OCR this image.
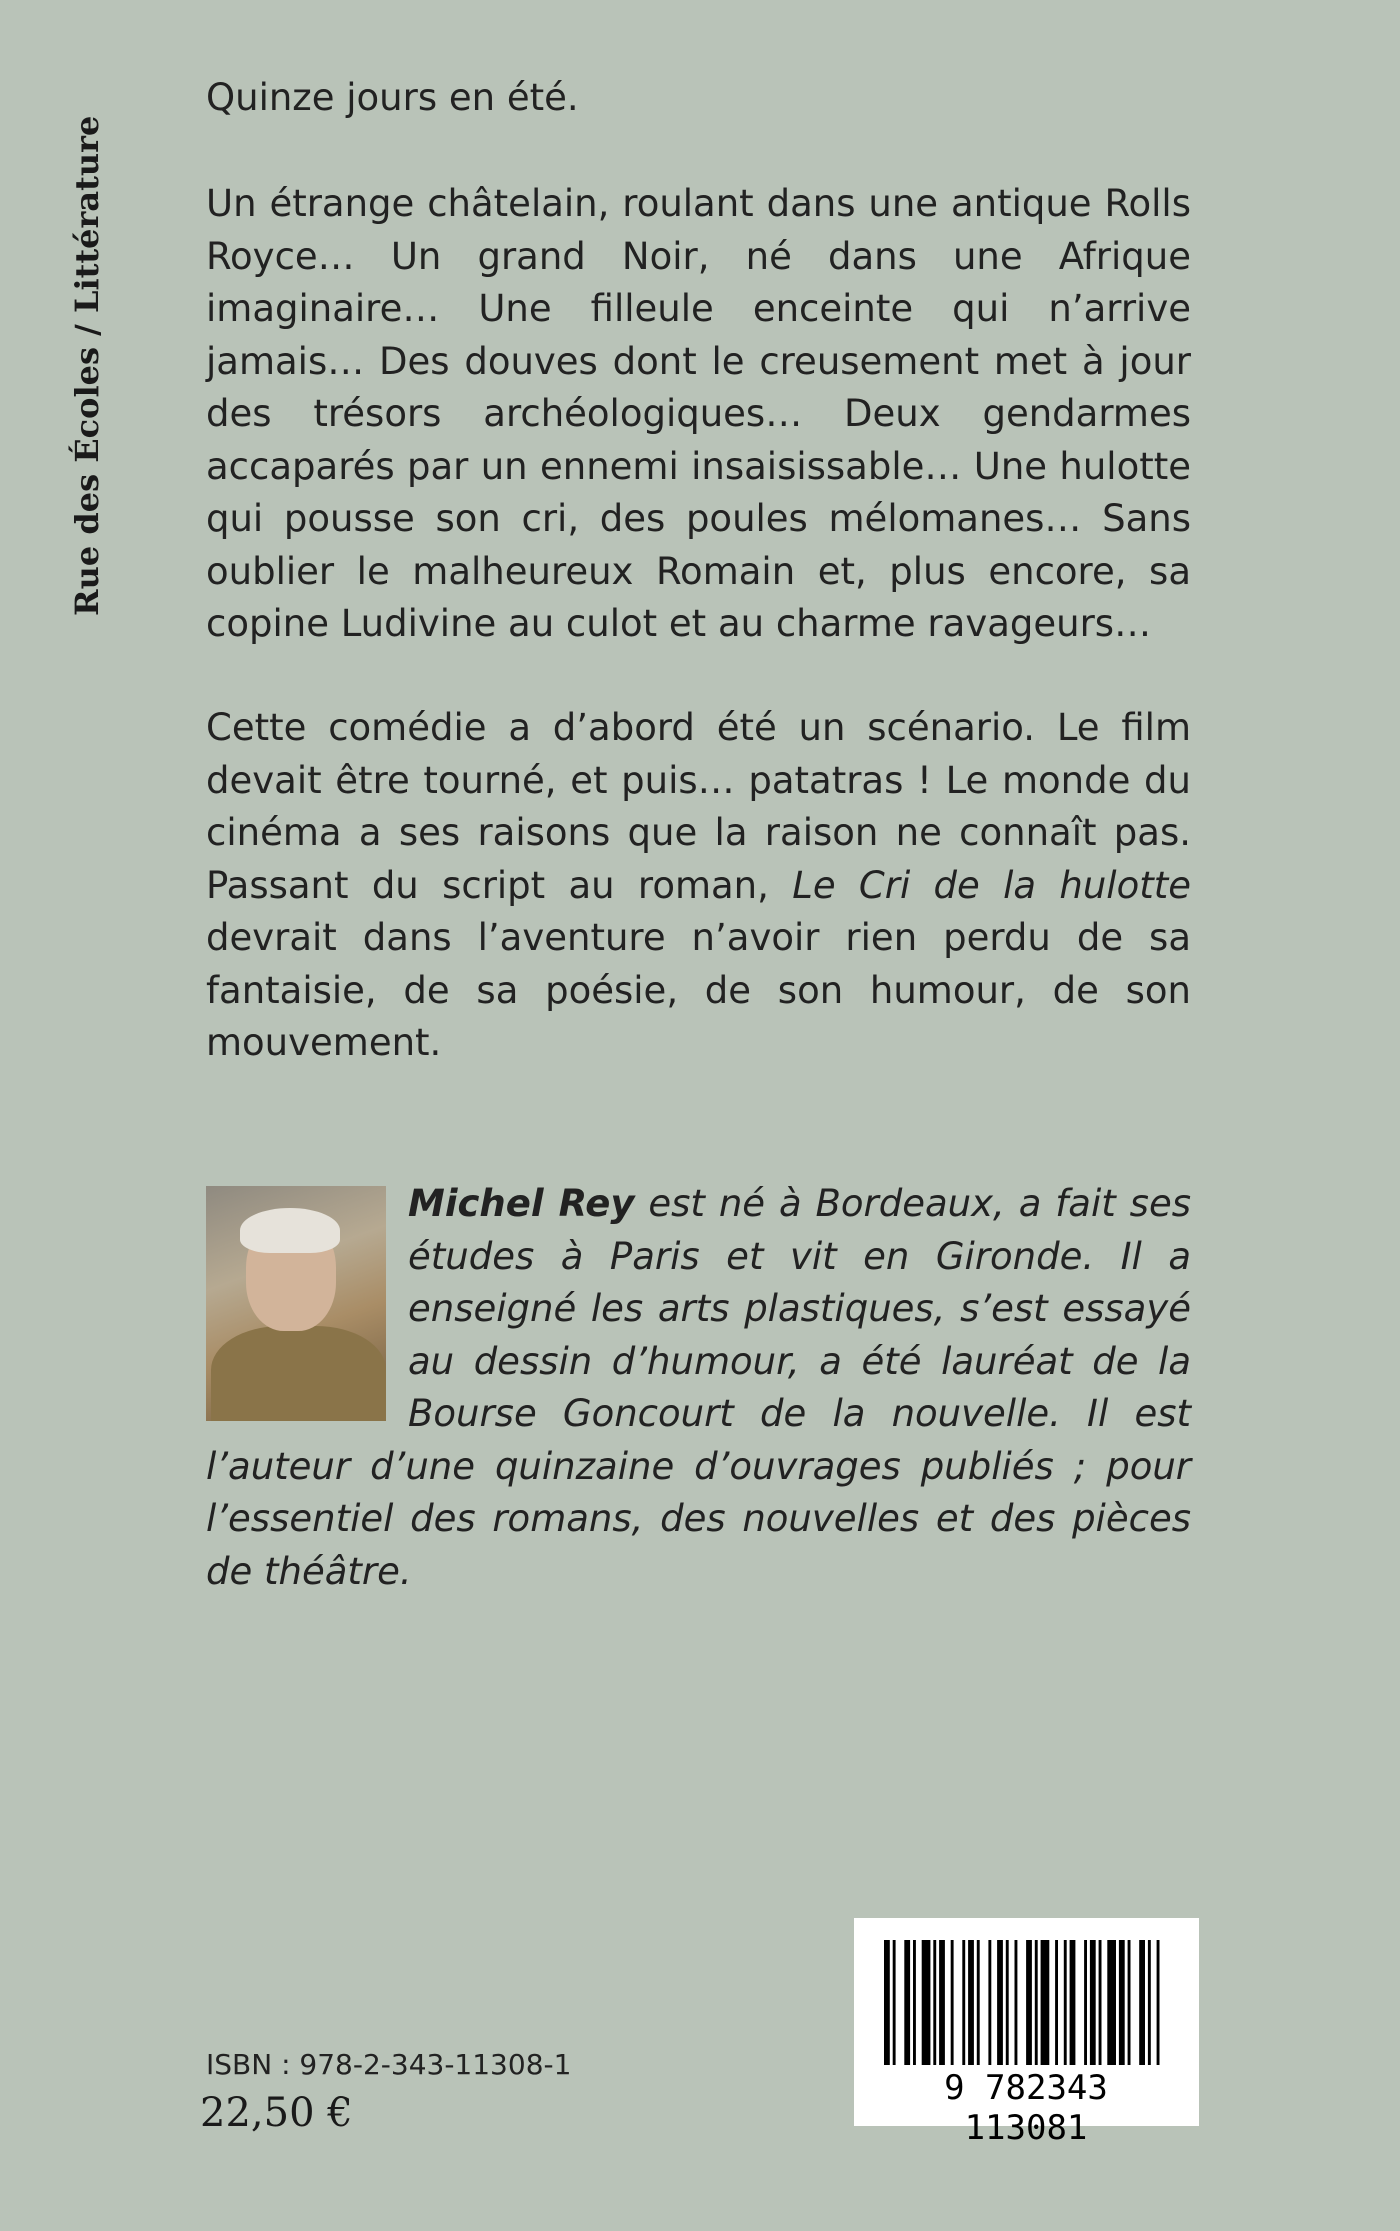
Rue des Écoles / Littérature

Quinze jours en été.

Un étrange châtelain, roulant dans une antique Rolls Royce… Un grand Noir, né dans une Afrique imaginaire… Une filleule enceinte qui n’arrive jamais… Des douves dont le creusement met à jour des trésors archéologiques… Deux gendarmes accaparés par un ennemi insaisissable… Une hulotte qui pousse son cri, des poules mélomanes… Sans oublier le malheureux Romain et, plus encore, sa copine Ludivine au culot et au charme ravageurs…

Cette comédie a d’abord été un scénario. Le film devait être tourné, et puis… patatras ! Le monde du cinéma a ses raisons que la raison ne connaît pas. Passant du script au roman, Le Cri de la hulotte devrait dans l’aventure n’avoir rien perdu de sa fantaisie, de sa poésie, de son humour, de son mouvement.

Michel Rey est né à Bordeaux, a fait ses études à Paris et vit en Gironde. Il a enseigné les arts plastiques, s’est essayé au dessin d’humour, a été lauréat de la Bourse Goncourt de la nouvelle. Il est l’auteur d’une quinzaine d’ouvrages publiés ; pour l’essentiel des romans, des nouvelles et des pièces de théâtre.
ISBN : 978-2-343-11308-1
22,50 €
9 782343 113081
